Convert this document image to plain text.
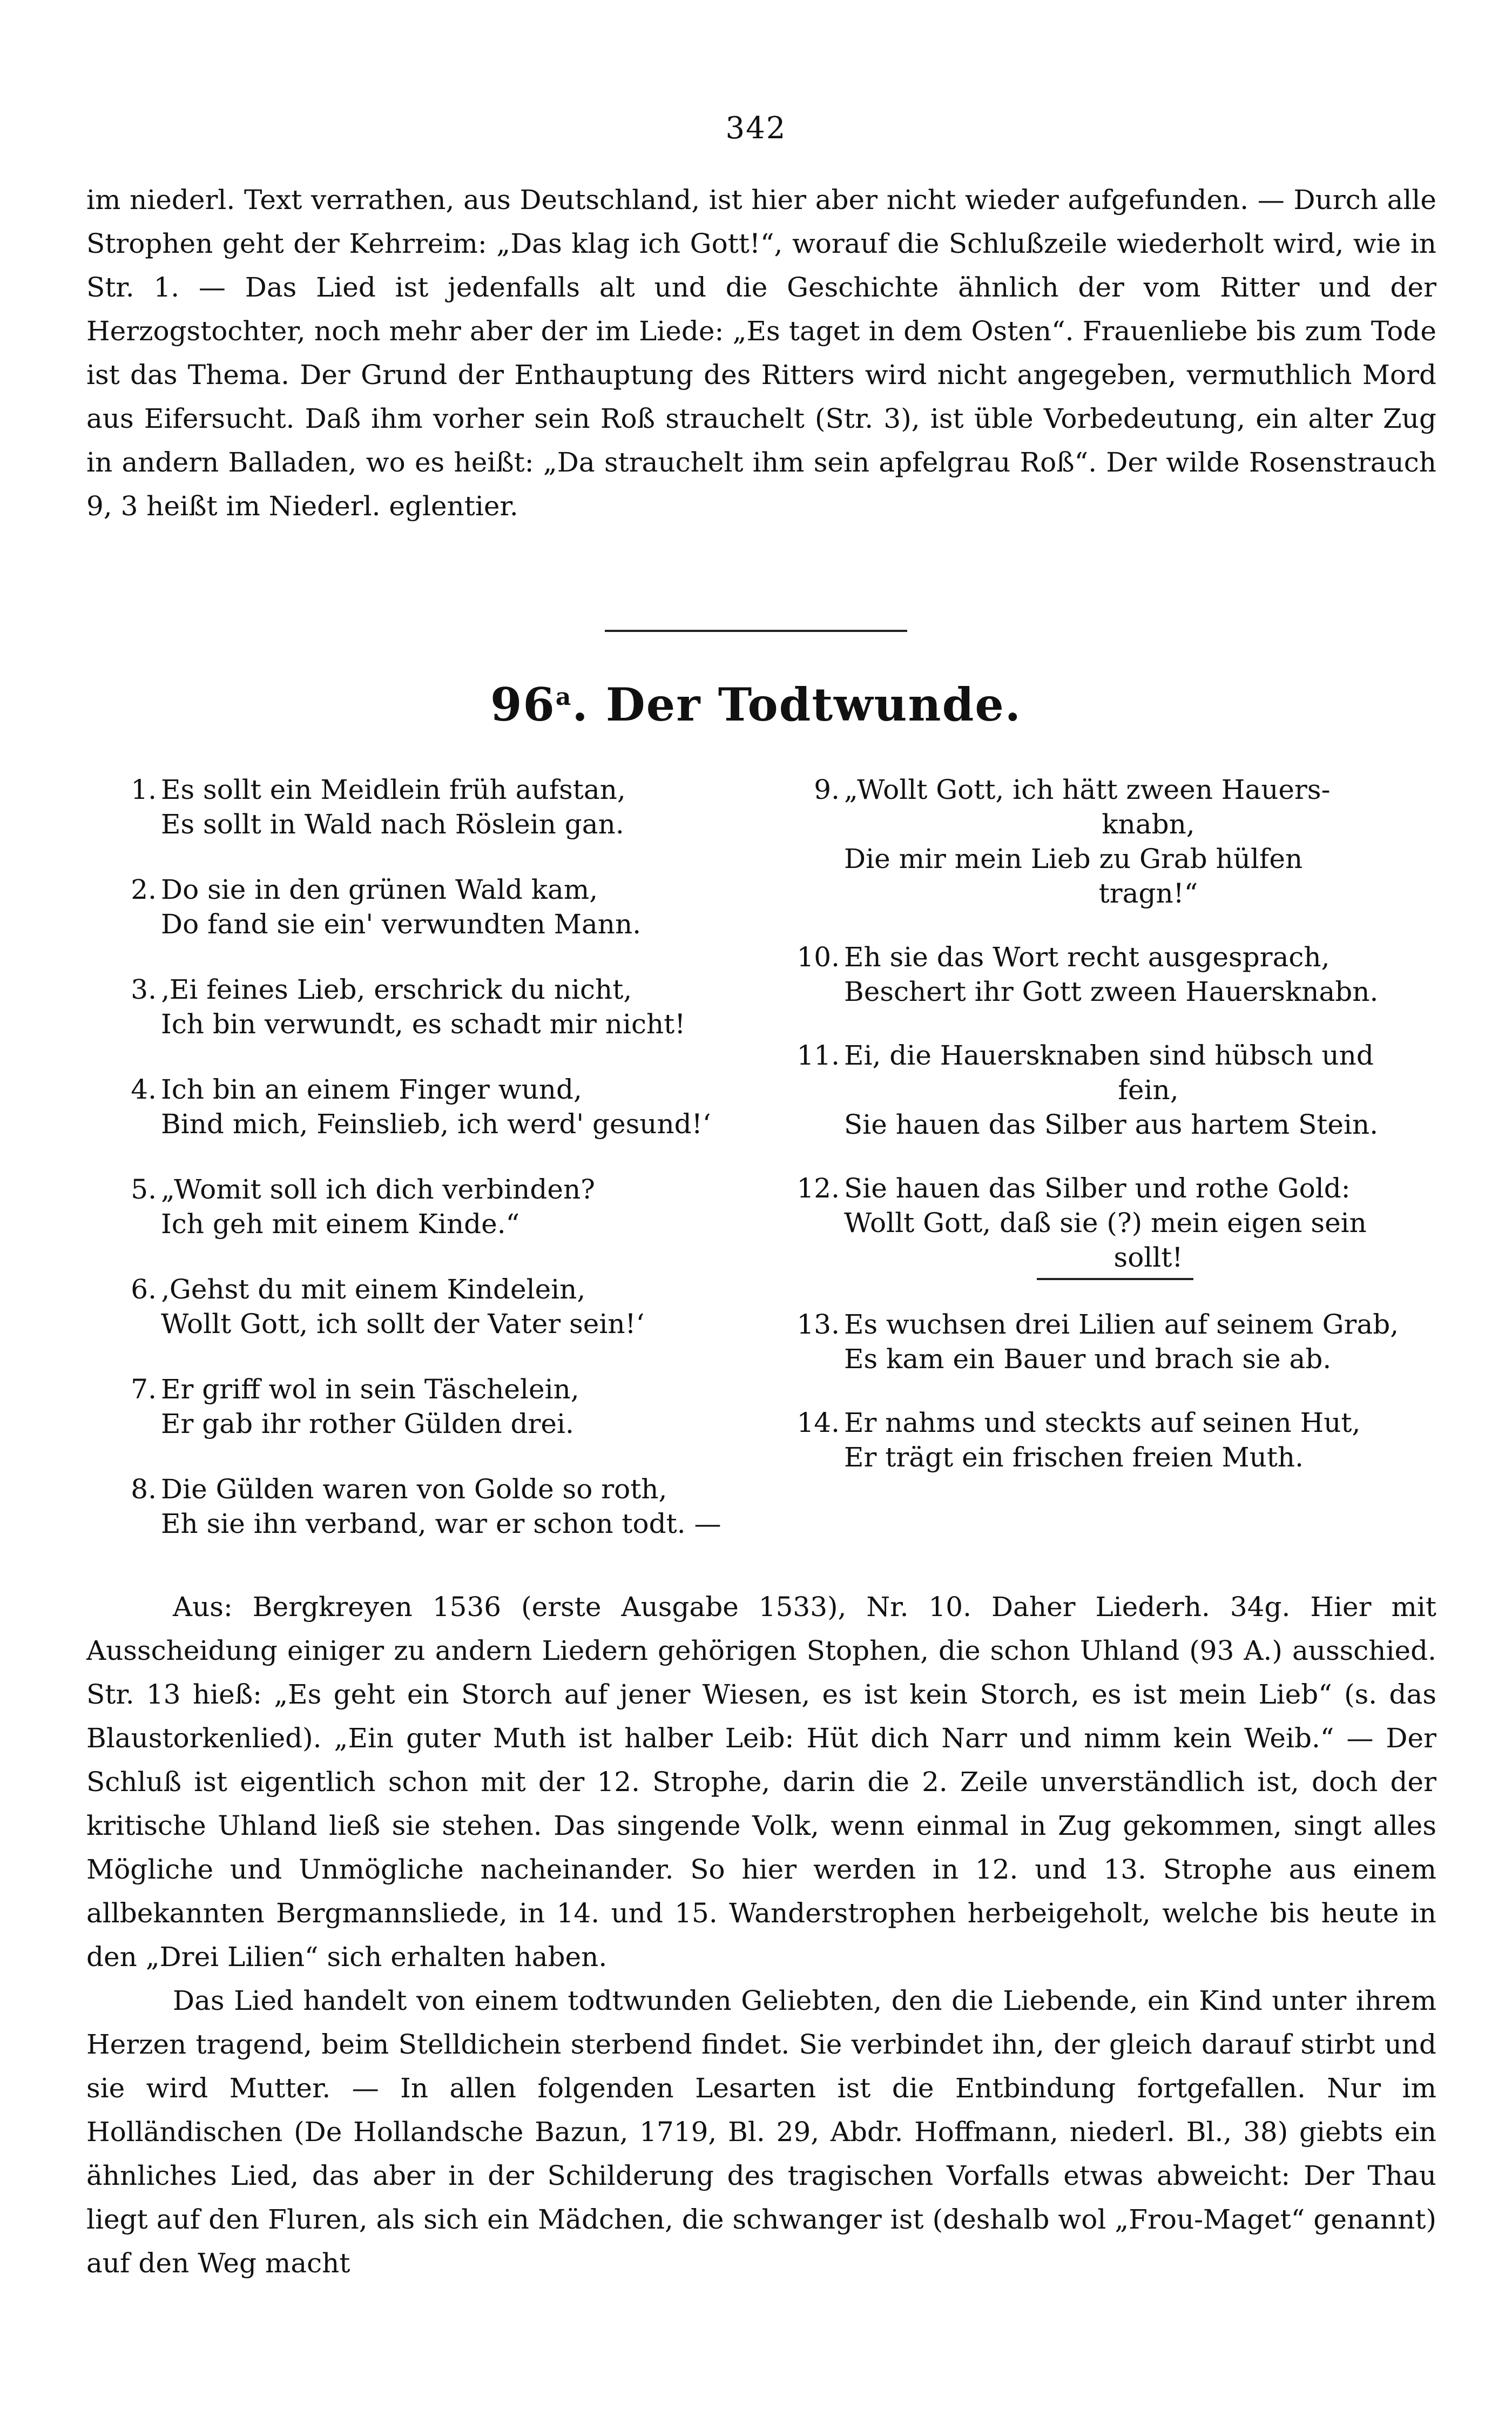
342

im niederl. Text verrathen, aus Deutschland, ist hier aber nicht wieder aufgefunden. — Durch alle Strophen geht der Kehrreim: „Das klag ich Gott!“, worauf die Schlußzeile wiederholt wird, wie in Str. 1. — Das Lied ist jedenfalls alt und die Geschichte ähnlich der vom Ritter und der Herzogstochter, noch mehr aber der im Liede: „Es taget in dem Osten“. Frauenliebe bis zum Tode ist das Thema. Der Grund der Enthauptung des Ritters wird nicht angegeben, vermuthlich Mord aus Eifersucht. Daß ihm vorher sein Roß strauchelt (Str. 3), ist üble Vorbedeutung, ein alter Zug in andern Balladen, wo es heißt: „Da strauchelt ihm sein apfelgrau Roß“. Der wilde Rosenstrauch 9, 3 heißt im Niederl. eglentier.

96$^a$. Der Todtwunde.
1. Es sollt ein Meidlein früh aufstan,
Es sollt in Wald nach Röslein gan.
2. Do sie in den grünen Wald kam,
Do fand sie ein' verwundten Mann.
3. ‚Ei feines Lieb, erschrick du nicht,
Ich bin verwundt, es schadt mir nicht!
4. Ich bin an einem Finger wund,
Bind mich, Feinslieb, ich werd' gesund!‘
5. „Womit soll ich dich verbinden?
Ich geh mit einem Kinde.“
6. ‚Gehst du mit einem Kindelein,
Wollt Gott, ich sollt der Vater sein!‘
7. Er griff wol in sein Täschelein,
Er gab ihr rother Gülden drei.
8. Die Gülden waren von Golde so roth,
Eh sie ihn verband, war er schon todt. —
9. „Wollt Gott, ich hätt zween Hauers-
knabn,
Die mir mein Lieb zu Grab hülfen
tragn!“
10. Eh sie das Wort recht ausgesprach,
Beschert ihr Gott zween Hauersknabn.
11. Ei, die Hauersknaben sind hübsch und
fein,
Sie hauen das Silber aus hartem Stein.
12. Sie hauen das Silber und rothe Gold:
Wollt Gott, daß sie (?) mein eigen sein
sollt!
13. Es wuchsen drei Lilien auf seinem Grab,
Es kam ein Bauer und brach sie ab.
14. Er nahms und steckts auf seinen Hut,
Er trägt ein frischen freien Muth.

Aus: Bergkreyen 1536 (erste Ausgabe 1533), Nr. 10. Daher Liederh. 34g. Hier mit Ausscheidung einiger zu andern Liedern gehörigen Stophen, die schon Uhland (93 A.) ausschied. Str. 13 hieß: „Es geht ein Storch auf jener Wiesen, es ist kein Storch, es ist mein Lieb“ (s. das Blaustorkenlied). „Ein guter Muth ist halber Leib: Hüt dich Narr und nimm kein Weib.“ — Der Schluß ist eigentlich schon mit der 12. Strophe, darin die 2. Zeile unverständlich ist, doch der kritische Uhland ließ sie stehen. Das singende Volk, wenn einmal in Zug gekommen, singt alles Mögliche und Unmögliche nacheinander. So hier werden in 12. und 13. Strophe aus einem allbekannten Bergmannsliede, in 14. und 15. Wanderstrophen herbeigeholt, welche bis heute in den „Drei Lilien“ sich erhalten haben.

Das Lied handelt von einem todtwunden Geliebten, den die Liebende, ein Kind unter ihrem Herzen tragend, beim Stelldichein sterbend findet. Sie verbindet ihn, der gleich darauf stirbt und sie wird Mutter. — In allen folgenden Lesarten ist die Entbindung fortgefallen. Nur im Holländischen (De Hollandsche Bazun, 1719, Bl. 29, Abdr. Hoffmann, niederl. Bl., 38) giebts ein ähnliches Lied, das aber in der Schilderung des tragischen Vorfalls etwas abweicht: Der Thau liegt auf den Fluren, als sich ein Mädchen, die schwanger ist (deshalb wol „Frou-Maget“ genannt) auf den Weg macht
